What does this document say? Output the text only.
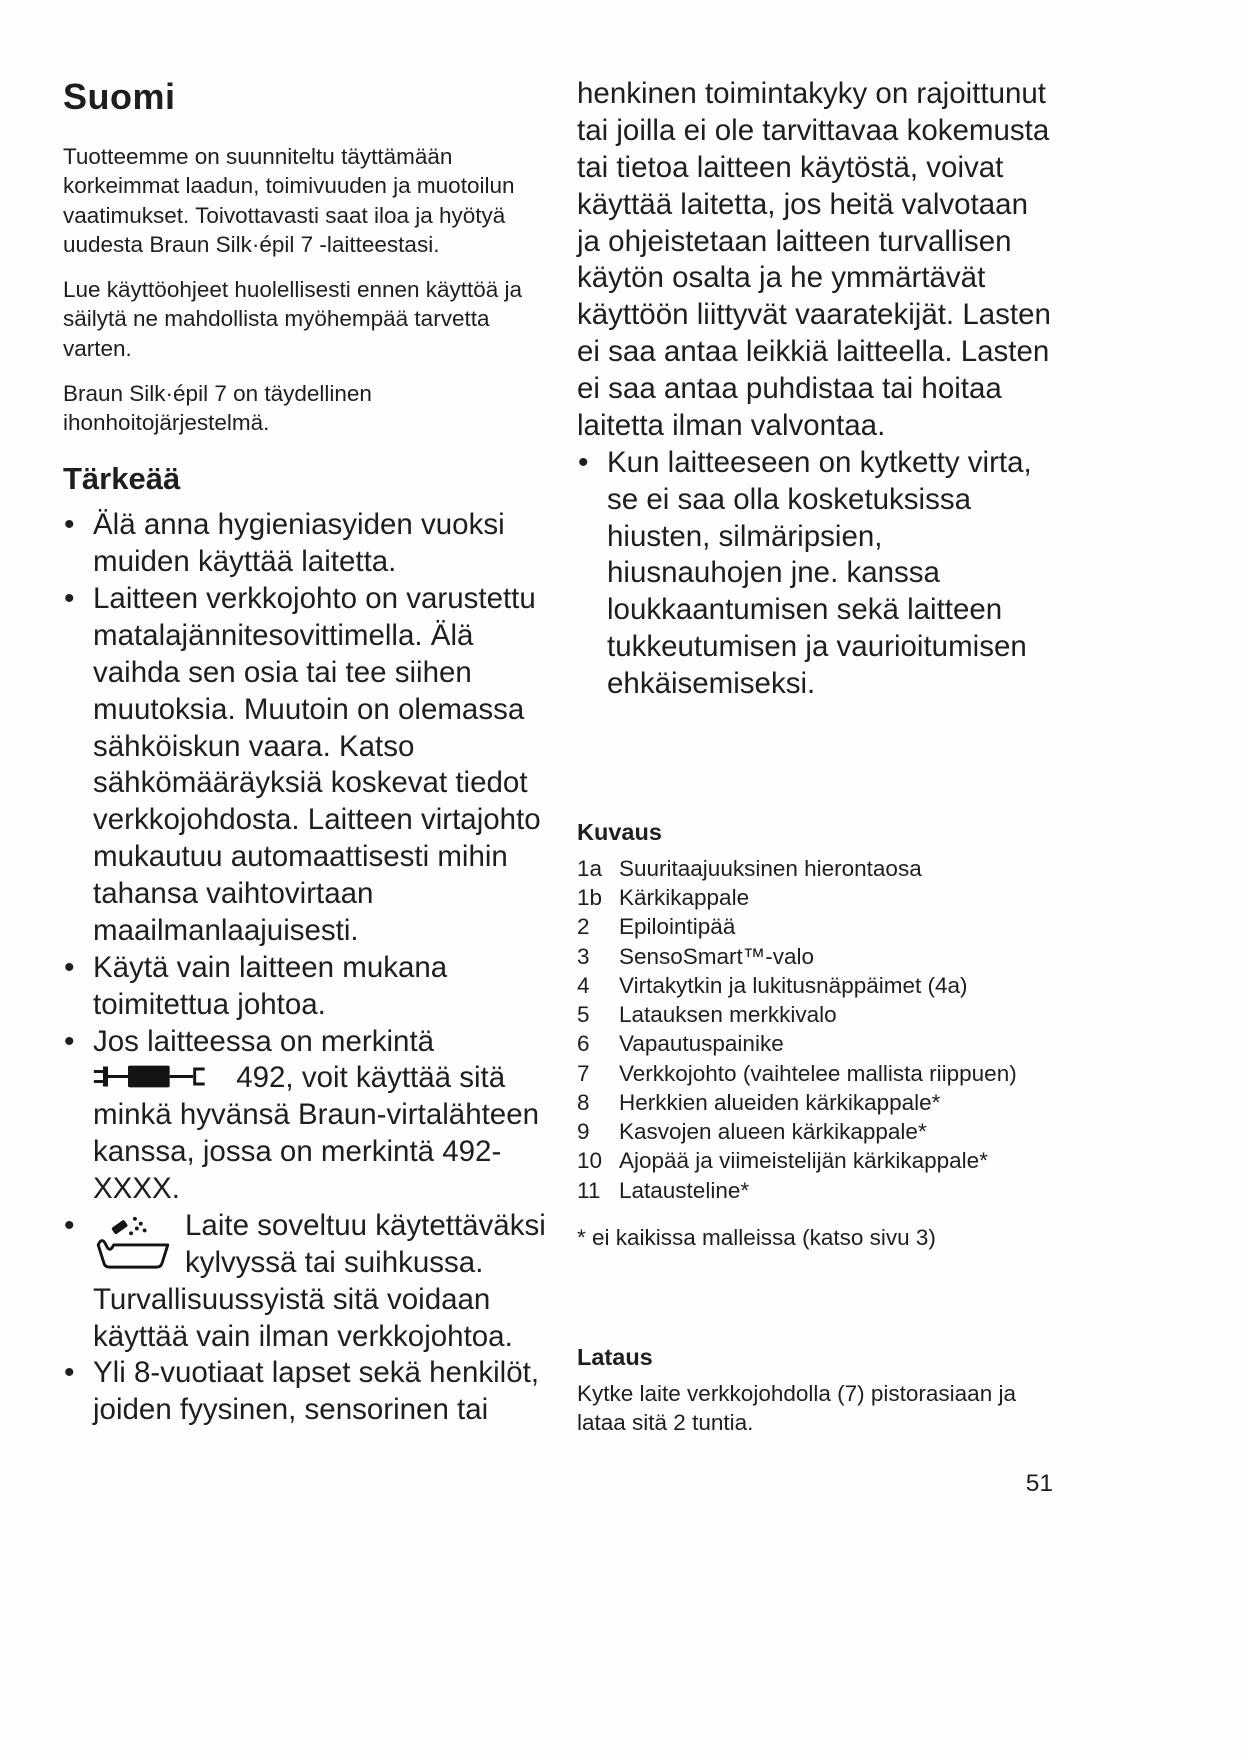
Suomi

Tuotteemme on suunniteltu täyttämään korkeimmat laadun, toimivuuden ja muotoilun vaatimukset. Toivottavasti saat iloa ja hyötyä uudesta Braun Silk·épil 7 -laitteestasi.

Lue käyttöohjeet huolellisesti ennen käyttöä ja säilytä ne mahdollista myöhempää tarvetta varten.

Braun Silk·épil 7 on täydellinen ihonhoitojärjestelmä.

Tärkeää
• Älä anna hygieniasyiden vuoksi muiden käyttää laitetta.
• Laitteen verkkojohto on varustettu matalajännitesovittimella. Älä vaihda sen osia tai tee siihen muutoksia. Muutoin on olemassa sähköiskun vaara. Katso sähkömääräyksiä koskevat tiedot verkkojohdosta. Laitteen virtajohto mukautuu automaattisesti mihin tahansa vaihtovirtaan maailmanlaajuisesti.
• Käytä vain laitteen mukana toimitettua johtoa.
• Jos laitteessa on merkintä
492, voit käyttää sitä minkä hyvänsä Braun-virtalähteen kanssa, jossa on merkintä 492-XXXX.
• Laite soveltuu käytettäväksi kylvyssä tai suihkussa. Turvallisuussyistä sitä voidaan käyttää vain ilman verkkojohtoa.
• Yli 8-vuotiaat lapset sekä henkilöt, joiden fyysinen, sensorinen tai

henkinen toimintakyky on rajoittunut tai joilla ei ole tarvittavaa kokemusta tai tietoa laitteen käytöstä, voivat käyttää laitetta, jos heitä valvotaan ja ohjeistetaan laitteen turvallisen käytön osalta ja he ymmärtävät käyttöön liittyvät vaaratekijät. Lasten ei saa antaa leikkiä laitteella. Lasten ei saa antaa puhdistaa tai hoitaa laitetta ilman valvontaa.

• Kun laitteeseen on kytketty virta, se ei saa olla kosketuksissa hiusten, silmäripsien, hiusnauhojen jne. kanssa loukkaantumisen sekä laitteen tukkeutumisen ja vaurioitumisen ehkäisemiseksi.
Kuvaus
1a Suuritaajuuksinen hierontaosa
1b Kärkikappale
2	Epilointipää
3	SensoSmart™-valo
4	Virtakytkin ja lukitusnäppäimet (4a)
5	Latauksen merkkivalo
6	Vapautuspainike
7	Verkkojohto (vaihtelee mallista riippuen)
8	Herkkien alueiden kärkikappale*
9	Kasvojen alueen kärkikappale*
10 Ajopää ja viimeistelijän kärkikappale*
11 Latausteline*

* ei kaikissa malleissa (katso sivu 3)

Lataus

Kytke laite verkkojohdolla (7) pistorasiaan ja lataa sitä 2 tuntia.

51
